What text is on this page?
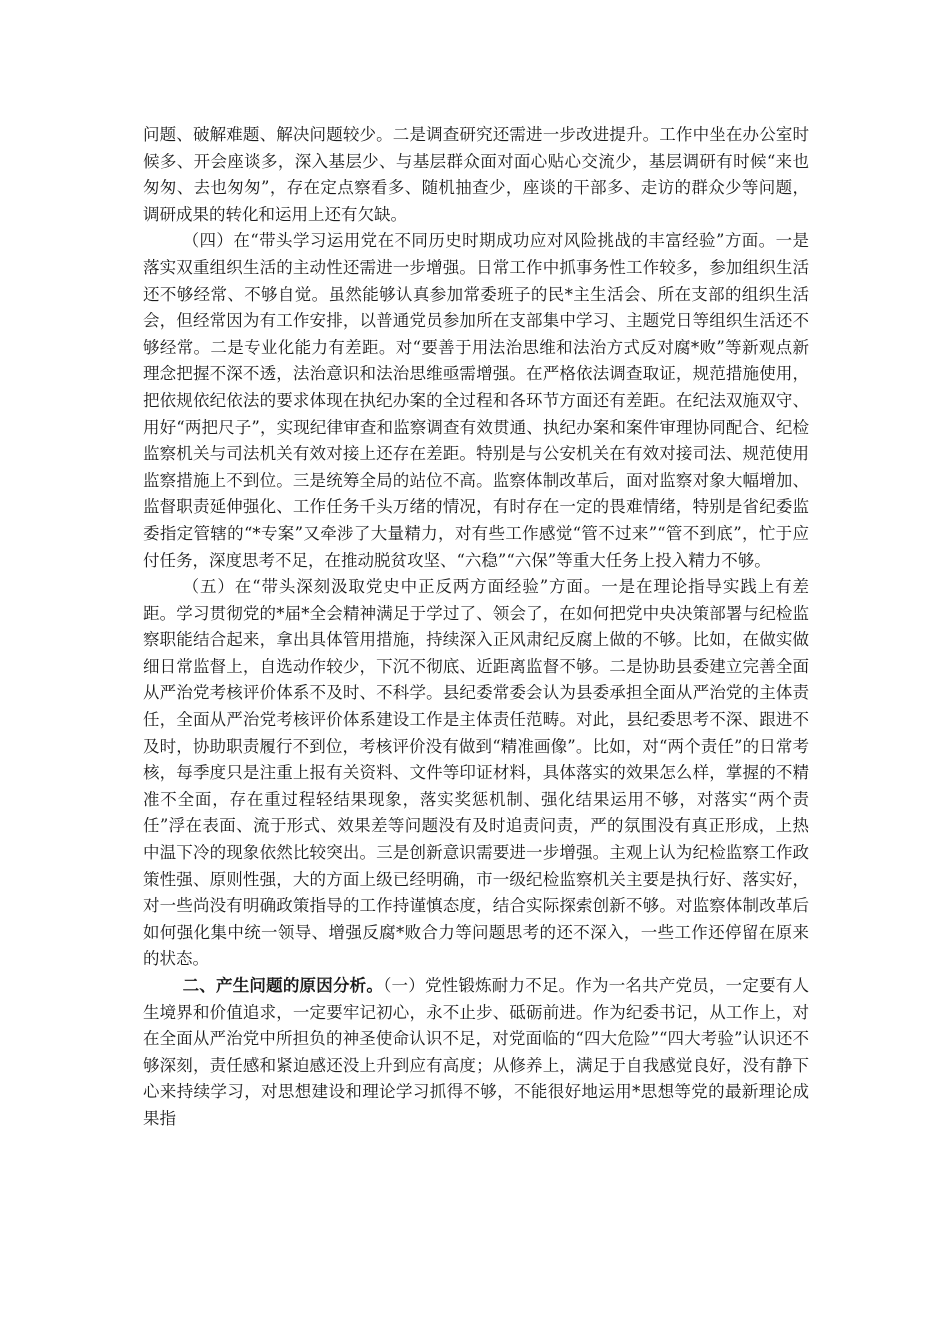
问题、破解难题、解决问题较少。二是调查研究还需进一步改进提升。工作中坐在办公室时候多、开会座谈多，深入基层少、与基层群众面对面心贴心交流少，基层调研有时候“来也匆匆、去也匆匆”，存在定点察看多、随机抽查少，座谈的干部多、走访的群众少等问题，调研成果的转化和运用上还有欠缺。

（四）在“带头学习运用党在不同历史时期成功应对风险挑战的丰富经验”方面。一是落实双重组织生活的主动性还需进一步增强。日常工作中抓事务性工作较多，参加组织生活还不够经常、不够自觉。虽然能够认真参加常委班子的民*主生活会、所在支部的组织生活会，但经常因为有工作安排，以普通党员参加所在支部集中学习、主题党日等组织生活还不够经常。二是专业化能力有差距。对“要善于用法治思维和法治方式反对腐*败”等新观点新理念把握不深不透，法治意识和法治思维亟需增强。在严格依法调查取证，规范措施使用，把依规依纪依法的要求体现在执纪办案的全过程和各环节方面还有差距。在纪法双施双守、用好“两把尺子”，实现纪律审查和监察调查有效贯通、执纪办案和案件审理协同配合、纪检监察机关与司法机关有效对接上还存在差距。特别是与公安机关在有效对接司法、规范使用监察措施上不到位。三是统筹全局的站位不高。监察体制改革后，面对监察对象大幅增加、监督职责延伸强化、工作任务千头万绪的情况，有时存在一定的畏难情绪，特别是省纪委监委指定管辖的“*专案”又牵涉了大量精力，对有些工作感觉“管不过来”“管不到底”，忙于应付任务，深度思考不足，在推动脱贫攻坚、“六稳”“六保”等重大任务上投入精力不够。

（五）在“带头深刻汲取党史中正反两方面经验”方面。一是在理论指导实践上有差距。学习贯彻党的*届*全会精神满足于学过了、领会了，在如何把党中央决策部署与纪检监察职能结合起来，拿出具体管用措施，持续深入正风肃纪反腐上做的不够。比如，在做实做细日常监督上，自选动作较少，下沉不彻底、近距离监督不够。二是协助县委建立完善全面从严治党考核评价体系不及时、不科学。县纪委常委会认为县委承担全面从严治党的主体责任，全面从严治党考核评价体系建设工作是主体责任范畴。对此，县纪委思考不深、跟进不及时，协助职责履行不到位，考核评价没有做到“精准画像”。比如，对“两个责任”的日常考核，每季度只是注重上报有关资料、文件等印证材料，具体落实的效果怎么样，掌握的不精准不全面，存在重过程轻结果现象，落实奖惩机制、强化结果运用不够，对落实“两个责任”浮在表面、流于形式、效果差等问题没有及时追责问责，严的氛围没有真正形成，上热中温下冷的现象依然比较突出。三是创新意识需要进一步增强。主观上认为纪检监察工作政策性强、原则性强，大的方面上级已经明确，市一级纪检监察机关主要是执行好、落实好，对一些尚没有明确政策指导的工作持谨慎态度，结合实际探索创新不够。对监察体制改革后如何强化集中统一领导、增强反腐*败合力等问题思考的还不深入，一些工作还停留在原来的状态。

二、产生问题的原因分析。（一）党性锻炼耐力不足。作为一名共产党员，一定要有人生境界和价值追求，一定要牢记初心，永不止步、砥砺前进。作为纪委书记，从工作上，对在全面从严治党中所担负的神圣使命认识不足，对党面临的“四大危险”“四大考验”认识还不够深刻，责任感和紧迫感还没上升到应有高度；从修养上，满足于自我感觉良好，没有静下心来持续学习，对思想建设和理论学习抓得不够，不能很好地运用*思想等党的最新理论成果指
